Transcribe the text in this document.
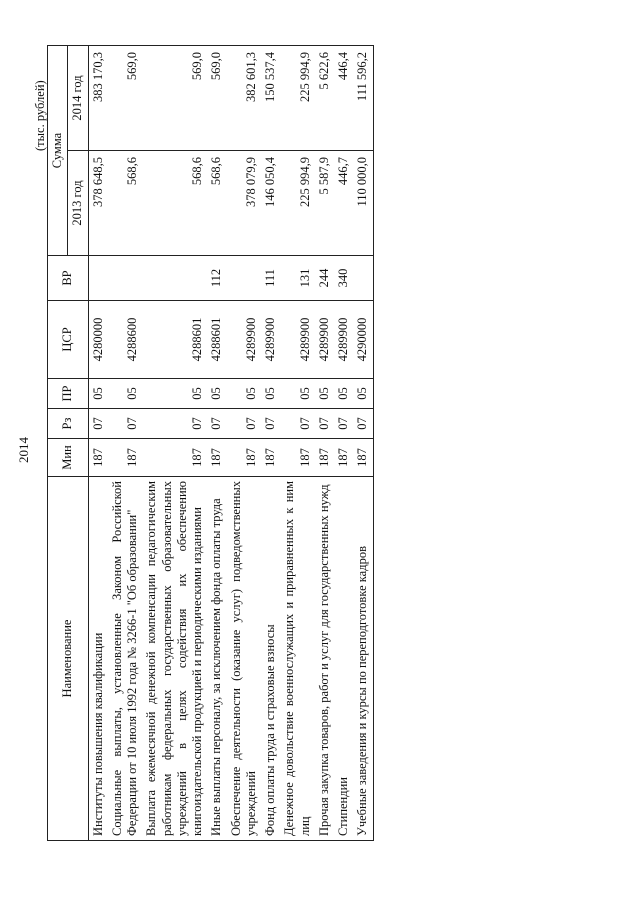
2014
(тыс. рублей)
Наименование	Мин	Рз	ПР	ЦСР	ВР	Сумма	
						2013 год	2014 год
Институты повышения квалификации	187	07	05	4280000		378 648,5	383 170,3
Социальные выплаты, установленные Законом Российской Федерации от 10 июля 1992 года № 3266-1 "Об образовании"	187	07	05	4288600		568,6	569,0
Выплата ежемесячной денежной компенсации педагогическим работникам федеральных государственных образовательных учреждений в целях содействия их обеспечению книгоиздательской продукцией и периодическими изданиями	187	07	05	4288601		568,6	569,0
Иные выплаты персоналу, за исключением фонда оплаты труда	187	07	05	4288601	112	568,6	569,0
Обеспечение деятельности (оказание услуг) подведомственных учреждений	187	07	05	4289900		378 079,9	382 601,3
Фонд оплаты труда и страховые взносы	187	07	05	4289900	111	146 050,4	150 537,4
Денежное довольствие военнослужащих и приравненных к ним лиц	187	07	05	4289900	131	225 994,9	225 994,9
Прочая закупка товаров, работ и услуг для государственных нужд	187	07	05	4289900	244	5 587,9	5 622,6
Стипендии	187	07	05	4289900	340	446,7	446,4
Учебные заведения и курсы по переподготовке кадров	187	07	05	4290000		110 000,0	111 596,2
